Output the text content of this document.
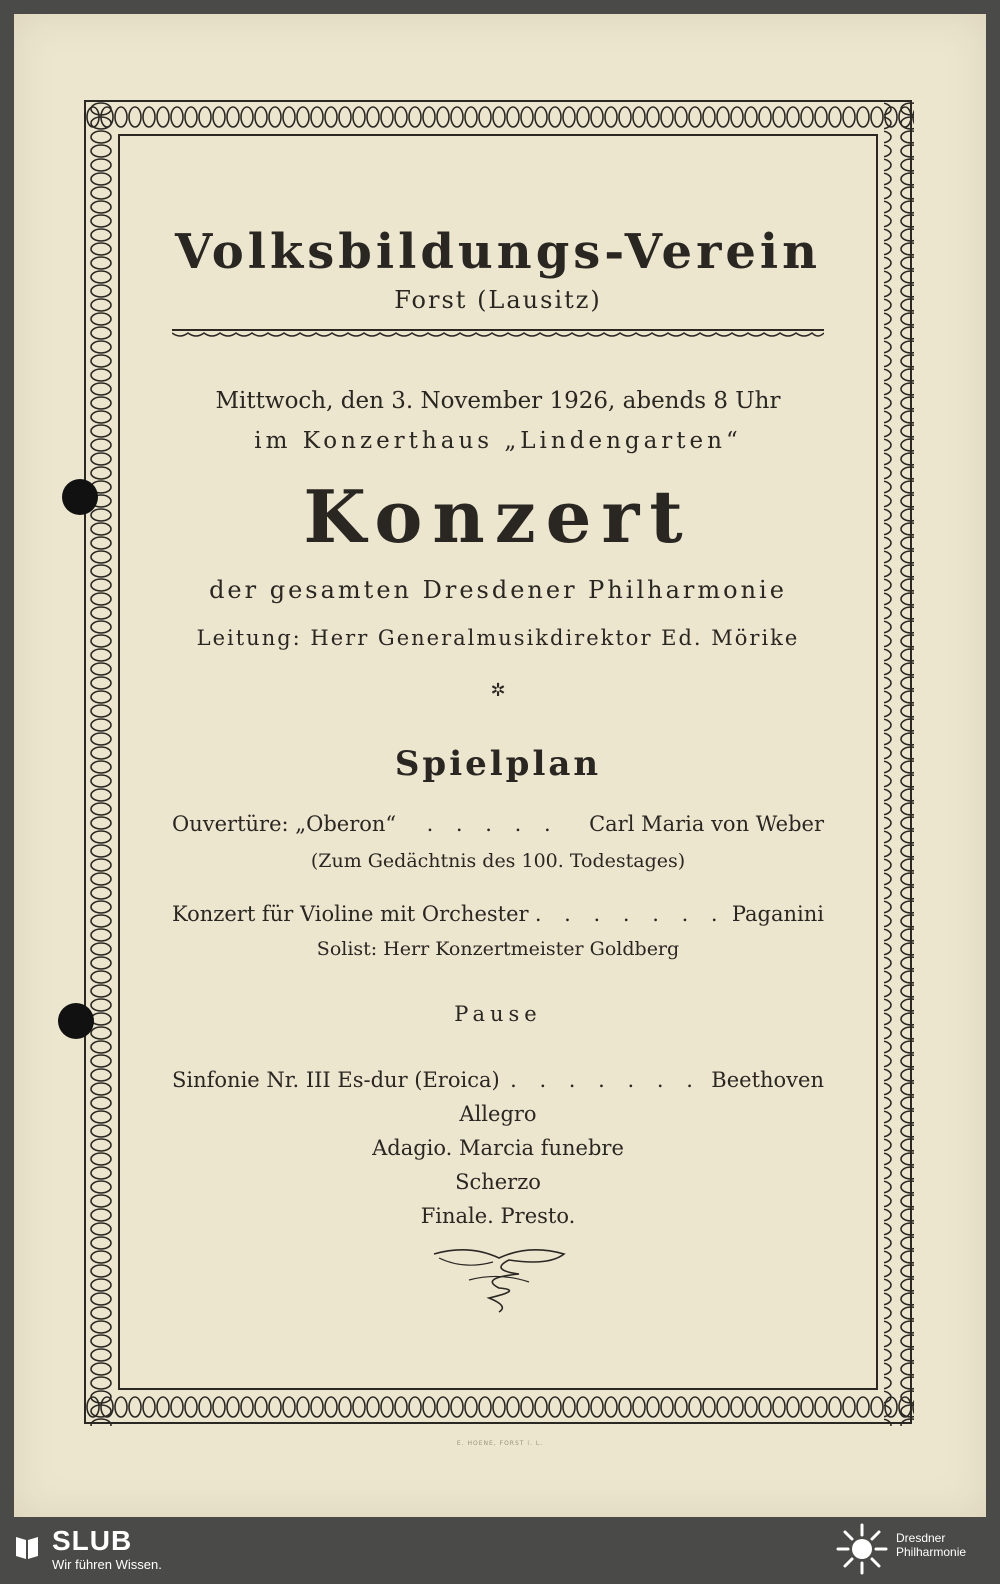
Volksbildungs-Verein
Forst (Lausitz)
Mittwoch, den 3. November 1926, abends 8 Uhr
im Konzerthaus „Lindengarten“
Konzert
der gesamten Dresdener Philharmonie
Leitung: Herr Generalmusikdirektor Ed. Mörike
✲
Spielplan
Ouvertüre: „Oberon“	. . . . .	Carl Maria von Weber
(Zum Gedächtnis des 100. Todestages)
Konzert für Violine mit Orchester . . . . . . . Paganini
Solist: Herr Konzertmeister Goldberg
Pause
Sinfonie Nr. III Es-dur (Eroica) . . . . . . . Beethoven
Allegro
Adagio. Marcia funebre
Scherzo
Finale. Presto.
E. HOENE, FORST i. L.
SLUB
Wir führen Wissen.
Dresdner
Philharmonie
